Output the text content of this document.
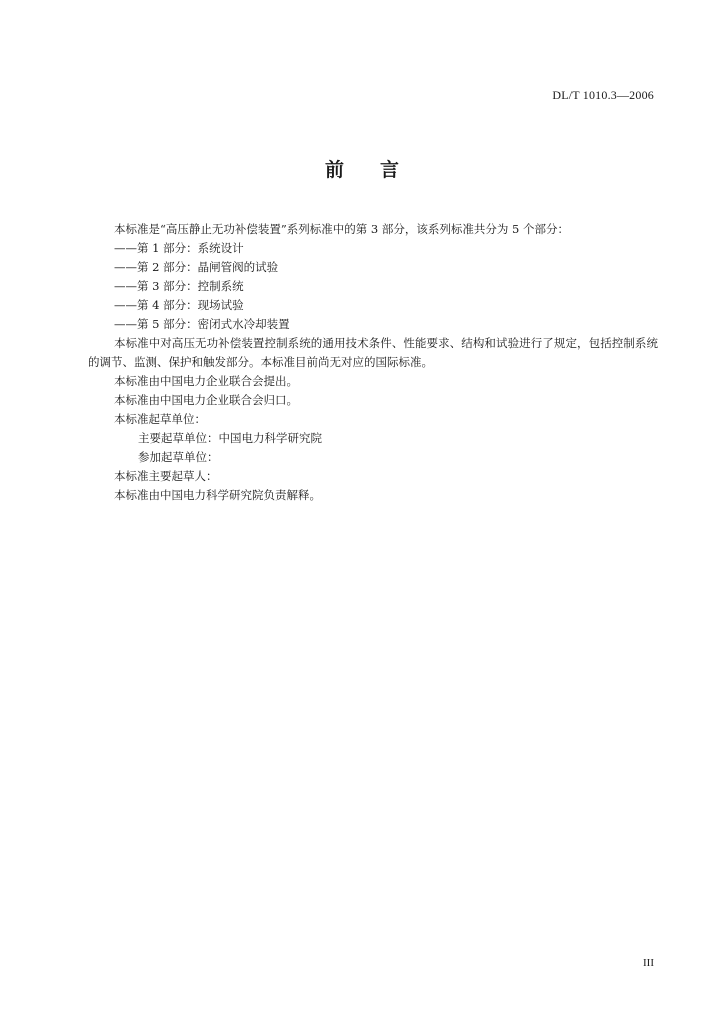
DL/T 1010.3—2006
前言

本标准是“高压静止无功补偿装置”系列标准中的第 3 部分，该系列标准共分为 5 个部分：

——第 1 部分：系统设计

——第 2 部分：晶闸管阀的试验

——第 3 部分：控制系统

——第 4 部分：现场试验

——第 5 部分：密闭式水冷却装置

本标准中对高压无功补偿装置控制系统的通用技术条件、性能要求、结构和试验进行了规定，包括控制系统的调节、监测、保护和触发部分。本标准目前尚无对应的国际标准。

本标准由中国电力企业联合会提出。

本标准由中国电力企业联合会归口。

本标准起草单位：

主要起草单位：中国电力科学研究院

参加起草单位：

本标准主要起草人：

本标准由中国电力科学研究院负责解释。

III
